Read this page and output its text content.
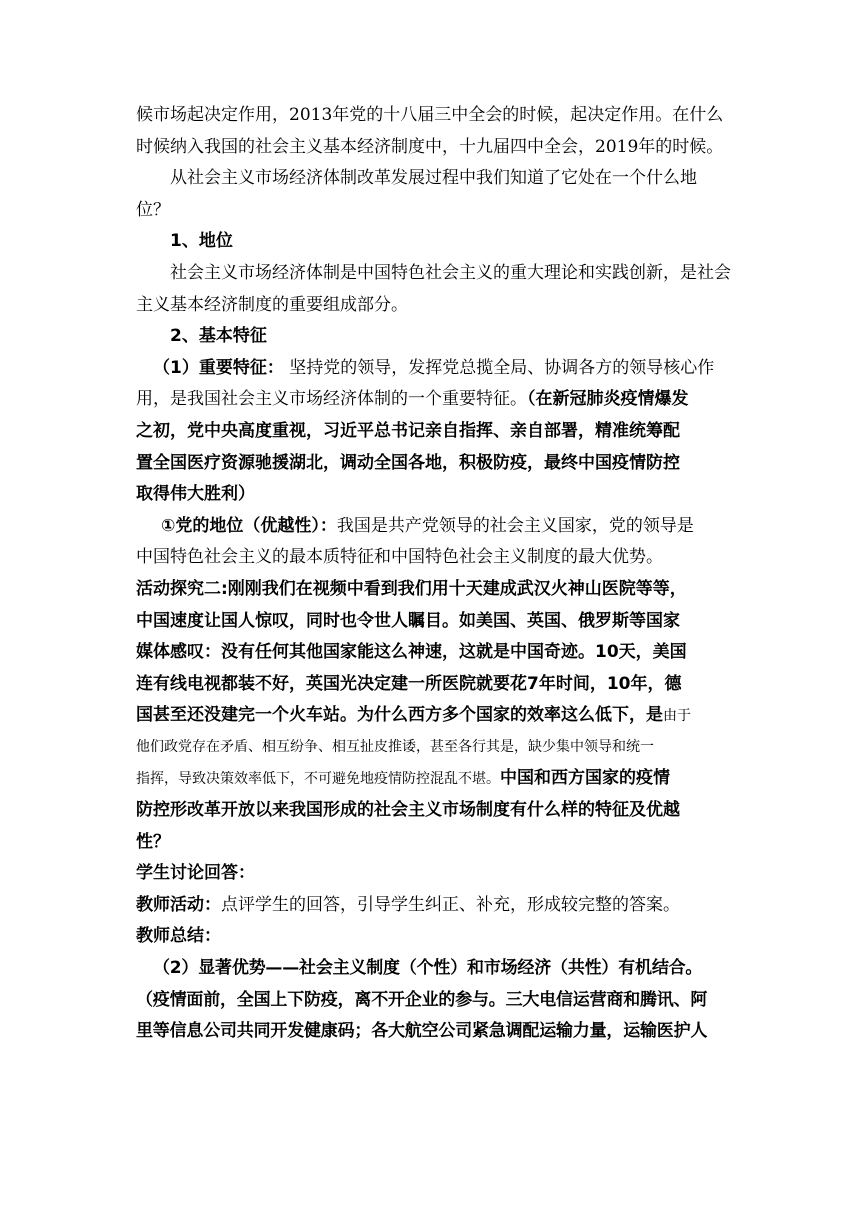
候市场起决定作用，2013年党的十八届三中全会的时候，起决定作用。在什么
时候纳入我国的社会主义基本经济制度中，十九届四中全会，2019年的时候。
从社会主义市场经济体制改革发展过程中我们知道了它处在一个什么地
位？
1、地位
社会主义市场经济体制是中国特色社会主义的重大理论和实践创新，是社会
主义基本经济制度的重要组成部分。
2、基本特征
（1）重要特征： 坚持党的领导，发挥党总揽全局、协调各方的领导核心作
用，是我国社会主义市场经济体制的一个重要特征。（在新冠肺炎疫情爆发
之初，党中央高度重视，习近平总书记亲自指挥、亲自部署，精准统筹配
置全国医疗资源驰援湖北，调动全国各地，积极防疫，最终中国疫情防控
取得伟大胜利）
①党的地位（优越性）：我国是共产党领导的社会主义国家，党的领导是
中国特色社会主义的最本质特征和中国特色社会主义制度的最大优势。
活动探究二:刚刚我们在视频中看到我们用十天建成武汉火神山医院等等，
中国速度让国人惊叹，同时也令世人瞩目。如美国、英国、俄罗斯等国家
媒体感叹：没有任何其他国家能这么神速，这就是中国奇迹。10天，美国
连有线电视都装不好，英国光决定建一所医院就要花7年时间，10年，德
国甚至还没建完一个火车站。为什么西方多个国家的效率这么低下，是由于
他们政党存在矛盾、相互纷争、相互扯皮推诿，甚至各行其是，缺少集中领导和统一
指挥，导致决策效率低下，不可避免地疫情防控混乱不堪。中国和西方国家的疫情
防控形改革开放以来我国形成的社会主义市场制度有什么样的特征及优越
性？
学生讨论回答：
教师活动：点评学生的回答，引导学生纠正、补充，形成较完整的答案。
教师总结：
（2）显著优势——社会主义制度（个性）和市场经济（共性）有机结合。
（疫情面前，全国上下防疫，离不开企业的参与。三大电信运营商和腾讯、阿
里等信息公司共同开发健康码；各大航空公司紧急调配运输力量，运输医护人
